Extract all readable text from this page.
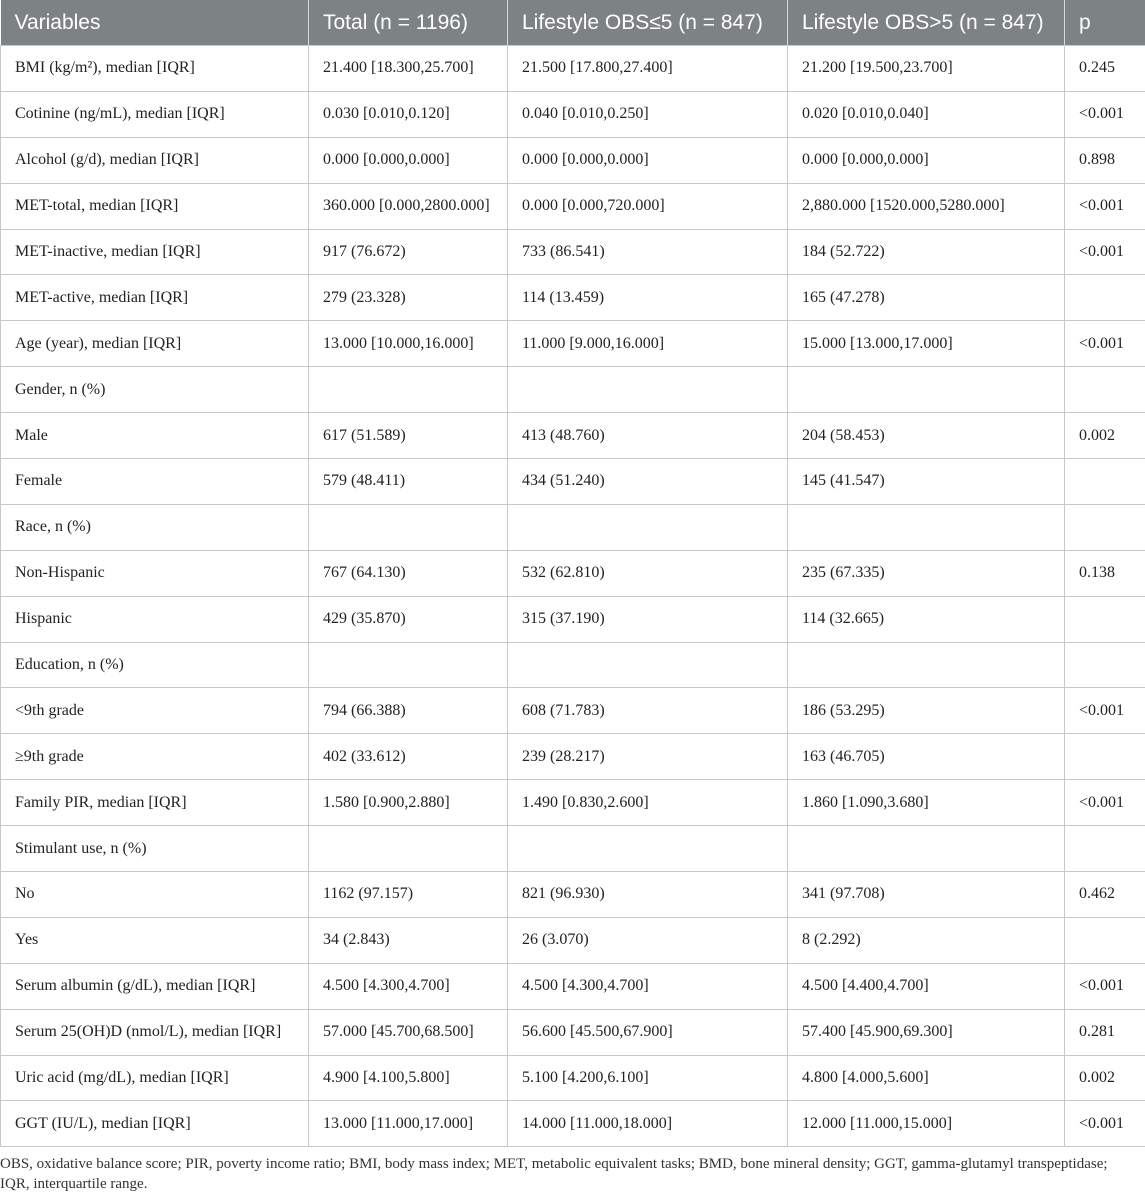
Variables	Total (n = 1196)	Lifestyle OBS≤5 (n = 847)	Lifestyle OBS>5 (n = 847)	p
BMI (kg/m²), median [IQR]	21.400 [18.300,25.700]	21.500 [17.800,27.400]	21.200 [19.500,23.700]	0.245
Cotinine (ng/mL), median [IQR]	0.030 [0.010,0.120]	0.040 [0.010,0.250]	0.020 [0.010,0.040]	<0.001
Alcohol (g/d), median [IQR]	0.000 [0.000,0.000]	0.000 [0.000,0.000]	0.000 [0.000,0.000]	0.898
MET-total, median [IQR]	360.000 [0.000,2800.000]	0.000 [0.000,720.000]	2,880.000 [1520.000,5280.000]	<0.001
MET-inactive, median [IQR]	917 (76.672)	733 (86.541)	184 (52.722)	<0.001
MET-active, median [IQR]	279 (23.328)	114 (13.459)	165 (47.278)	
Age (year), median [IQR]	13.000 [10.000,16.000]	11.000 [9.000,16.000]	15.000 [13.000,17.000]	<0.001
Gender, n (%)				
Male	617 (51.589)	413 (48.760)	204 (58.453)	0.002
Female	579 (48.411)	434 (51.240)	145 (41.547)	
Race, n (%)				
Non-Hispanic	767 (64.130)	532 (62.810)	235 (67.335)	0.138
Hispanic	429 (35.870)	315 (37.190)	114 (32.665)	
Education, n (%)				
<9th grade	794 (66.388)	608 (71.783)	186 (53.295)	<0.001
≥9th grade	402 (33.612)	239 (28.217)	163 (46.705)	
Family PIR, median [IQR]	1.580 [0.900,2.880]	1.490 [0.830,2.600]	1.860 [1.090,3.680]	<0.001
Stimulant use, n (%)				
No	1162 (97.157)	821 (96.930)	341 (97.708)	0.462
Yes	34 (2.843)	26 (3.070)	8 (2.292)	
Serum albumin (g/dL), median [IQR]	4.500 [4.300,4.700]	4.500 [4.300,4.700]	4.500 [4.400,4.700]	<0.001
Serum 25(OH)D (nmol/L), median [IQR]	57.000 [45.700,68.500]	56.600 [45.500,67.900]	57.400 [45.900,69.300]	0.281
Uric acid (mg/dL), median [IQR]	4.900 [4.100,5.800]	5.100 [4.200,6.100]	4.800 [4.000,5.600]	0.002
GGT (IU/L), median [IQR]	13.000 [11.000,17.000]	14.000 [11.000,18.000]	12.000 [11.000,15.000]	<0.001
OBS, oxidative balance score; PIR, poverty income ratio; BMI, body mass index; MET, metabolic equivalent tasks; BMD, bone mineral density; GGT, gamma-glutamyl transpeptidase; IQR, interquartile range.
